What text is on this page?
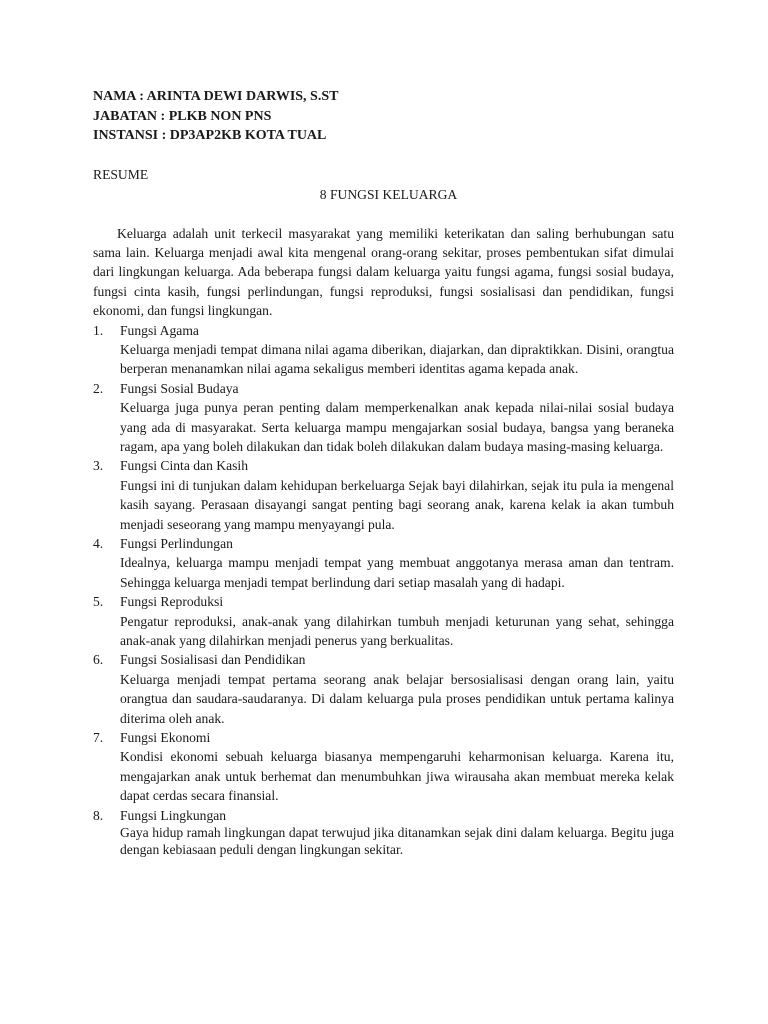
NAMA : ARINTA DEWI DARWIS, S.ST
JABATAN : PLKB NON PNS
INSTANSI : DP3AP2KB KOTA TUAL
RESUME
8 FUNGSI KELUARGA

Keluarga adalah unit terkecil masyarakat yang memiliki keterikatan dan saling berhubungan satu sama lain. Keluarga menjadi awal kita mengenal orang-orang sekitar, proses pembentukan sifat dimulai dari lingkungan keluarga. Ada beberapa fungsi dalam keluarga yaitu fungsi agama, fungsi sosial budaya, fungsi cinta kasih, fungsi perlindungan, fungsi reproduksi, fungsi sosialisasi dan pendidikan, fungsi ekonomi, dan fungsi lingkungan.

1. Fungsi Agama
Keluarga menjadi tempat dimana nilai agama diberikan, diajarkan, dan dipraktikkan. Disini, orangtua berperan menanamkan nilai agama sekaligus memberi identitas agama kepada anak.
2. Fungsi Sosial Budaya
Keluarga juga punya peran penting dalam memperkenalkan anak kepada nilai-nilai sosial budaya yang ada di masyarakat. Serta keluarga mampu mengajarkan sosial budaya, bangsa yang beraneka ragam, apa yang boleh dilakukan dan tidak boleh dilakukan dalam budaya masing-masing keluarga.
3. Fungsi Cinta dan Kasih
Fungsi ini di tunjukan dalam kehidupan berkeluarga Sejak bayi dilahirkan, sejak itu pula ia mengenal kasih sayang. Perasaan disayangi sangat penting bagi seorang anak, karena kelak ia akan tumbuh menjadi seseorang yang mampu menyayangi pula.
4. Fungsi Perlindungan
Idealnya, keluarga mampu menjadi tempat yang membuat anggotanya merasa aman dan tentram. Sehingga keluarga menjadi tempat berlindung dari setiap masalah yang di hadapi.
5. Fungsi Reproduksi
Pengatur reproduksi, anak-anak yang dilahirkan tumbuh menjadi keturunan yang sehat, sehingga anak-anak yang dilahirkan menjadi penerus yang berkualitas.
6. Fungsi Sosialisasi dan Pendidikan
Keluarga menjadi tempat pertama seorang anak belajar bersosialisasi dengan orang lain, yaitu orangtua dan saudara-saudaranya. Di dalam keluarga pula proses pendidikan untuk pertama kalinya diterima oleh anak.
7. Fungsi Ekonomi
Kondisi ekonomi sebuah keluarga biasanya mempengaruhi keharmonisan keluarga. Karena itu, mengajarkan anak untuk berhemat dan menumbuhkan jiwa wirausaha akan membuat mereka kelak dapat cerdas secara finansial.
8. Fungsi Lingkungan
Gaya hidup ramah lingkungan dapat terwujud jika ditanamkan sejak dini dalam keluarga. Begitu juga dengan kebiasaan peduli dengan lingkungan sekitar.
